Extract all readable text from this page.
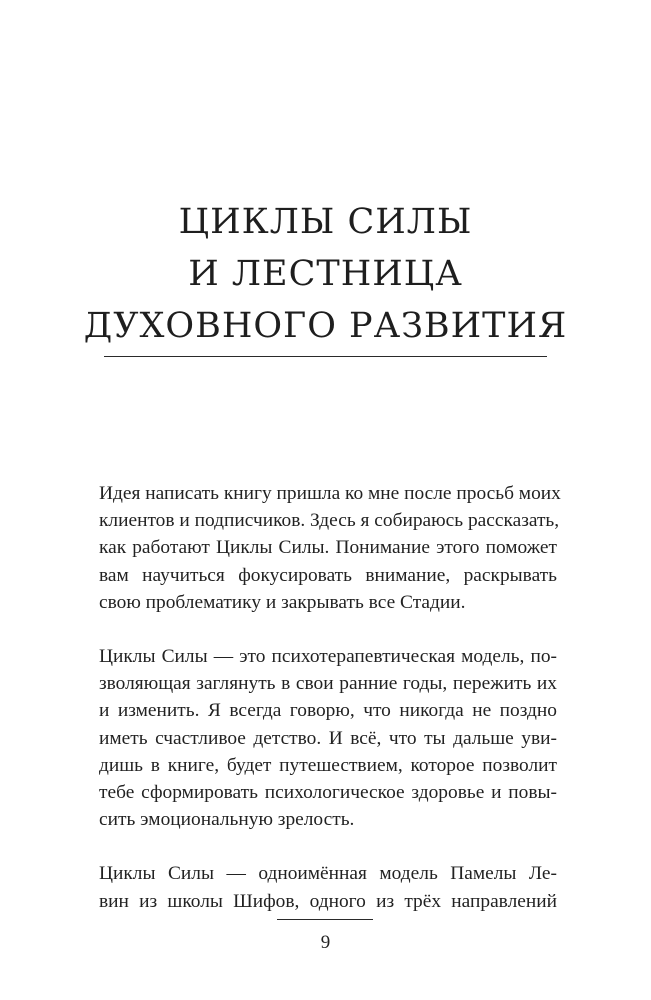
ЦИКЛЫ СИЛЫ
И ЛЕСТНИЦА
ДУХОВНОГО РАЗВИТИЯ

Идея написать книгу пришла ко мне после просьб моих
клиентов и подписчиков. Здесь я собираюсь рассказать,
как работают Циклы Силы. Понимание этого поможет
вам научиться фокусировать внимание, раскрывать
свою проблематику и закрывать все Стадии.

Циклы Силы — это психотерапевтическая модель, по-
зволяющая заглянуть в свои ранние годы, пережить их
и изменить. Я всегда говорю, что никогда не поздно
иметь счастливое детство. И всё, что ты дальше уви-
дишь в книге, будет путешествием, которое позволит
тебе сформировать психологическое здоровье и повы-
сить эмоциональную зрелость.

Циклы Силы — одноимённая модель Памелы Ле-
вин из школы Шифов, одного из трёх направлений

9
